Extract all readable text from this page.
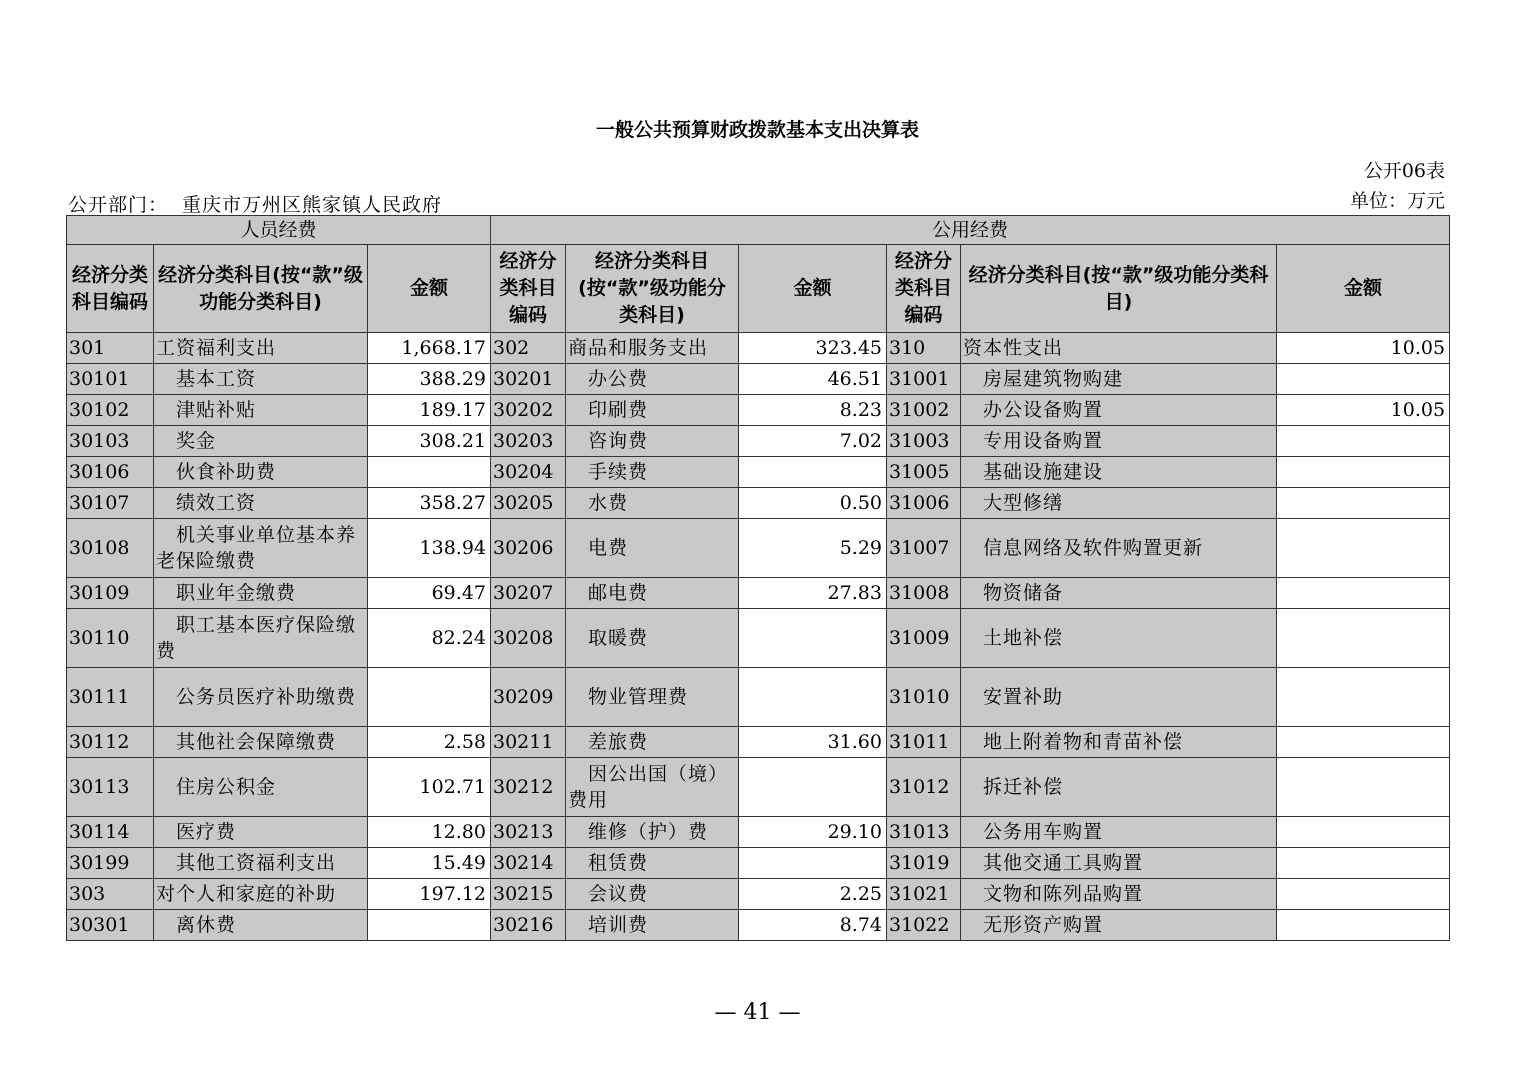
一般公共预算财政拨款基本支出决算表
公开06表
公开部门： 重庆市万州区熊家镇人民政府	单位：万元
人员经费			公用经费					
经济分类科目编码	经济分类科目(按“款”级功能分类科目)	金额	经济分类科目编码	经济分类科目(按“款”级功能分类科目)	金额	经济分类科目编码	经济分类科目(按“款”级功能分类科目)	金额
301	工资福利支出	1,668.17	302	商品和服务支出	323.45	310	资本性支出	10.05
30101	基本工资	388.29	30201	办公费	46.51	31001	房屋建筑物购建	
30102	津贴补贴	189.17	30202	印刷费	8.23	31002	办公设备购置	10.05
30103	奖金	308.21	30203	咨询费	7.02	31003	专用设备购置	
30106	伙食补助费		30204	手续费		31005	基础设施建设	
30107	绩效工资	358.27	30205	水费	0.50	31006	大型修缮	
30108	机关事业单位基本养老保险缴费	138.94	30206	电费	5.29	31007	信息网络及软件购置更新	
30109	职业年金缴费	69.47	30207	邮电费	27.83	31008	物资储备	
30110	职工基本医疗保险缴费	82.24	30208	取暖费		31009	土地补偿	
30111	公务员医疗补助缴费		30209	物业管理费		31010	安置补助	
30112	其他社会保障缴费	2.58	30211	差旅费	31.60	31011	地上附着物和青苗补偿	
30113	住房公积金	102.71	30212	因公出国（境）费用		31012	拆迁补偿	
30114	医疗费	12.80	30213	维修（护）费	29.10	31013	公务用车购置	
30199	其他工资福利支出	15.49	30214	租赁费		31019	其他交通工具购置	
303	对个人和家庭的补助	197.12	30215	会议费	2.25	31021	文物和陈列品购置	
30301	离休费		30216	培训费	8.74	31022	无形资产购置	
— 41 —
